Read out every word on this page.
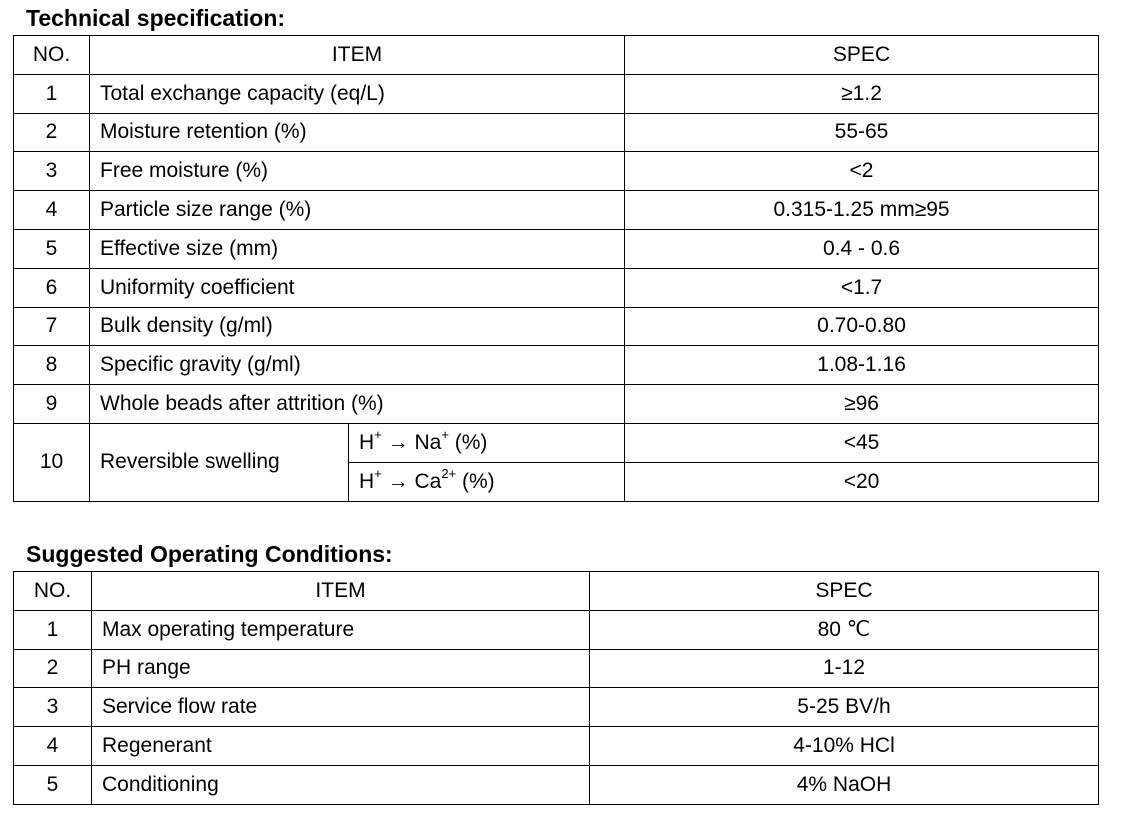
Technical specification:
NO.	ITEM		SPEC
1	Total exchange capacity (eq/L)		≥1.2
2	Moisture retention (%)		55-65
3	Free moisture (%)		<2
4	Particle size range (%)		0.315-1.25 mm≥95
5	Effective size (mm)		0.4 - 0.6
6	Uniformity coefficient		<1.7
7	Bulk density (g/ml)		0.70-0.80
8	Specific gravity (g/ml)		1.08-1.16
9	Whole beads after attrition (%)		≥96
10	Reversible swelling	H+ → Na+ (%)	<45
		$H^+ \to Ca^{2+}$ (%)	<20
Suggested Operating Conditions:
NO.	ITEM	SPEC
1	Max operating temperature	80 ℃
2	PH range	1-12
3	Service flow rate	5-25 BV/h
4	Regenerant	4-10% HCl
5	Conditioning	4% NaOH
